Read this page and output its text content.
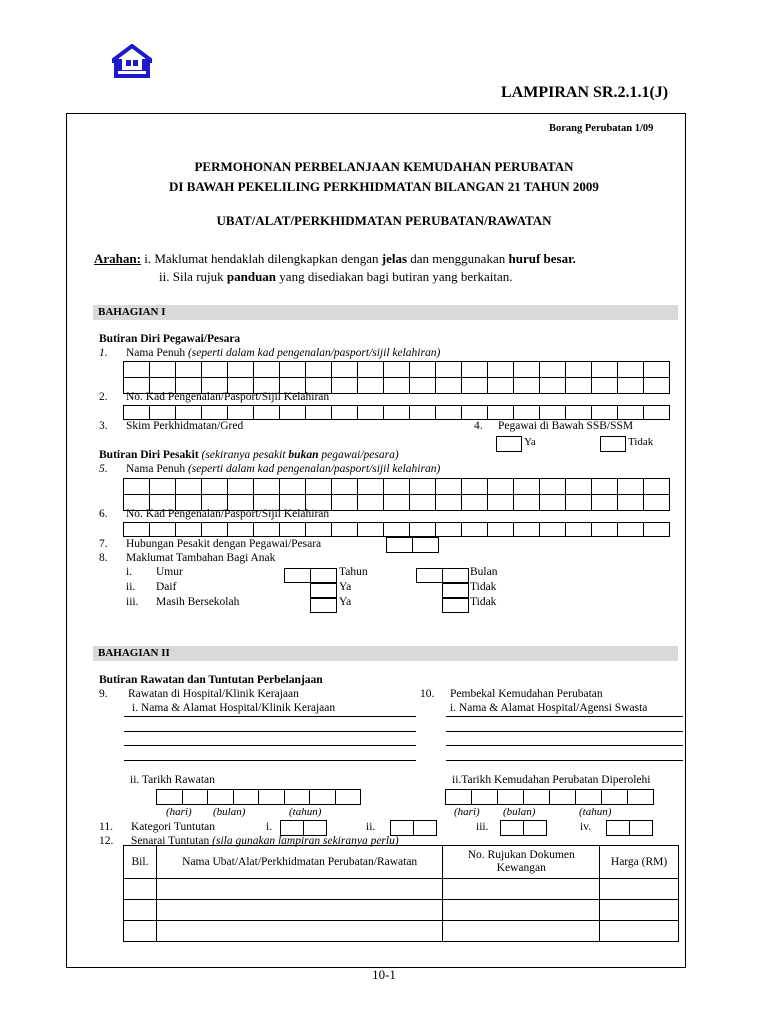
LAMPIRAN SR.2.1.1(J)
Borang Perubatan 1/09
PERMOHONAN PERBELANJAAN KEMUDAHAN PERUBATAN
DI BAWAH PEKELILING PERKHIDMATAN BILANGAN 21 TAHUN 2009
UBAT/ALAT/PERKHIDMATAN PERUBATAN/RAWATAN
Arahan: i. Maklumat hendaklah dilengkapkan dengan jelas dan menggunakan huruf besar.
ii. Sila rujuk panduan yang disediakan bagi butiran yang berkaitan.
BAHAGIAN I
Butiran Diri Pegawai/Pesara
1. Nama Penuh (seperti dalam kad pengenalan/pasport/sijil kelahiran)
2. No. Kad Pengenalan/Pasport/Sijil Kelahiran
3. Skim Perkhidmatan/Gred	4. Pegawai di Bawah SSB/SSM
Ya	Tidak
Butiran Diri Pesakit (sekiranya pesakit bukan pegawai/pesara)
5. Nama Penuh (seperti dalam kad pengenalan/pasport/sijil kelahiran)
6. No. Kad Pengenalan/Pasport/Sijil Kelahiran
7. Hubungan Pesakit dengan Pegawai/Pesara
8. Maklumat Tambahan Bagi Anak
i. Umur	Tahun	Bulan
ii. Daif	Ya	Tidak
iii. Masih Bersekolah	Ya	Tidak
BAHAGIAN II
Butiran Rawatan dan Tuntutan Perbelanjaan
9. Rawatan di Hospital/Klinik Kerajaan	10. Pembekal Kemudahan Perubatan
i. Nama & Alamat Hospital/Klinik Kerajaan	i. Nama & Alamat Hospital/Agensi Swasta
ii. Tarikh Rawatan	ii.Tarikh Kemudahan Perubatan Diperolehi
(hari) (bulan)	(tahun)	(hari) (bulan)	(tahun)
11. Kategori Tuntutan	i.	ii.	iii.	iv.
12. Senarai Tuntutan (sila gunakan lampiran sekiranya perlu)
Bil.	Nama Ubat/Alat/Perkhidmatan Perubatan/Rawatan	No. Rujukan Dokumen Kewangan	Harga (RM)

10-1
